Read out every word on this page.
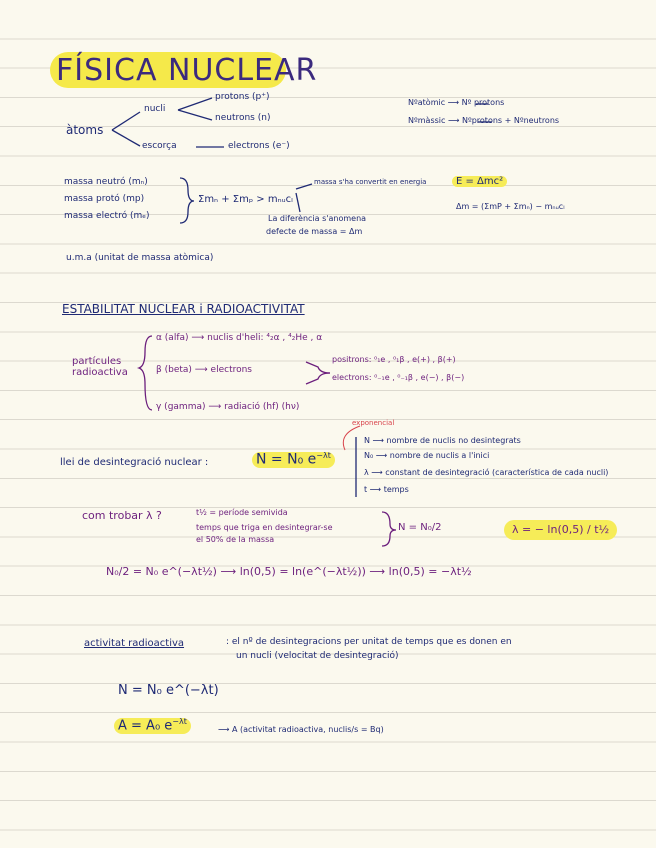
FÍSICA NUCLEAR
àtoms
nucli
protons (p⁺)
neutrons (n)
escorça	electrons (e⁻)
Nºatòmic ⟶ Nº protons
Nºmàssic ⟶ Nºprotons + Nºneutrons
massa neutró (mₙ)
massa protó (mp)
massa electró (mₑ)
Σmₙ + Σmₚ > mₙᵤcₗ
massa s'ha convertit en energia	E = Δmc²
La diferència s'anomena
defecte de massa = Δm
Δm = (ΣmP + Σmₙ) − mₙᵤcₗ
u.m.a (unitat de massa atòmica)
ESTABILITAT NUCLEAR i RADIOACTIVITAT
partícules radioactiva
α (alfa) ⟶ nuclis d'heli: ⁴₂α , ⁴₂He , α
β (beta) ⟶ electrons
positrons: ⁰₁e , ⁰₁β , e(+) , β(+)
electrons: ⁰₋₁e , ⁰₋₁β , e(−) , β(−)
γ (gamma) ⟶ radiació (hf) (hν)
llei de desintegració nuclear :	N = N₀ $e^{-\lambda t}$
exponencial
N ⟶ nombre de nuclis no desintegrats
N₀ ⟶ nombre de nuclis a l'inici
λ ⟶ constant de desintegració (característica de cada nucli)
t ⟶ temps
com trobar λ ?	t½ = període semivida
temps que triga en desintegrar-se
el 50% de la massa
N = N₀/2	λ = − ln(0,5) / t½
N₀/2 = N₀ e^(−λt½) ⟶ ln(0,5) = ln(e^(−λt½)) ⟶ ln(0,5) = −λt½
activitat radioactiva	: el nº de desintegracions per unitat de temps que es donen en
un nucli (velocitat de desintegració)
N = N₀ e^(−λt)
A = A₀ $e^{-\lambda t}$
⟶ A (activitat radioactiva, nuclis/s = Bq)
